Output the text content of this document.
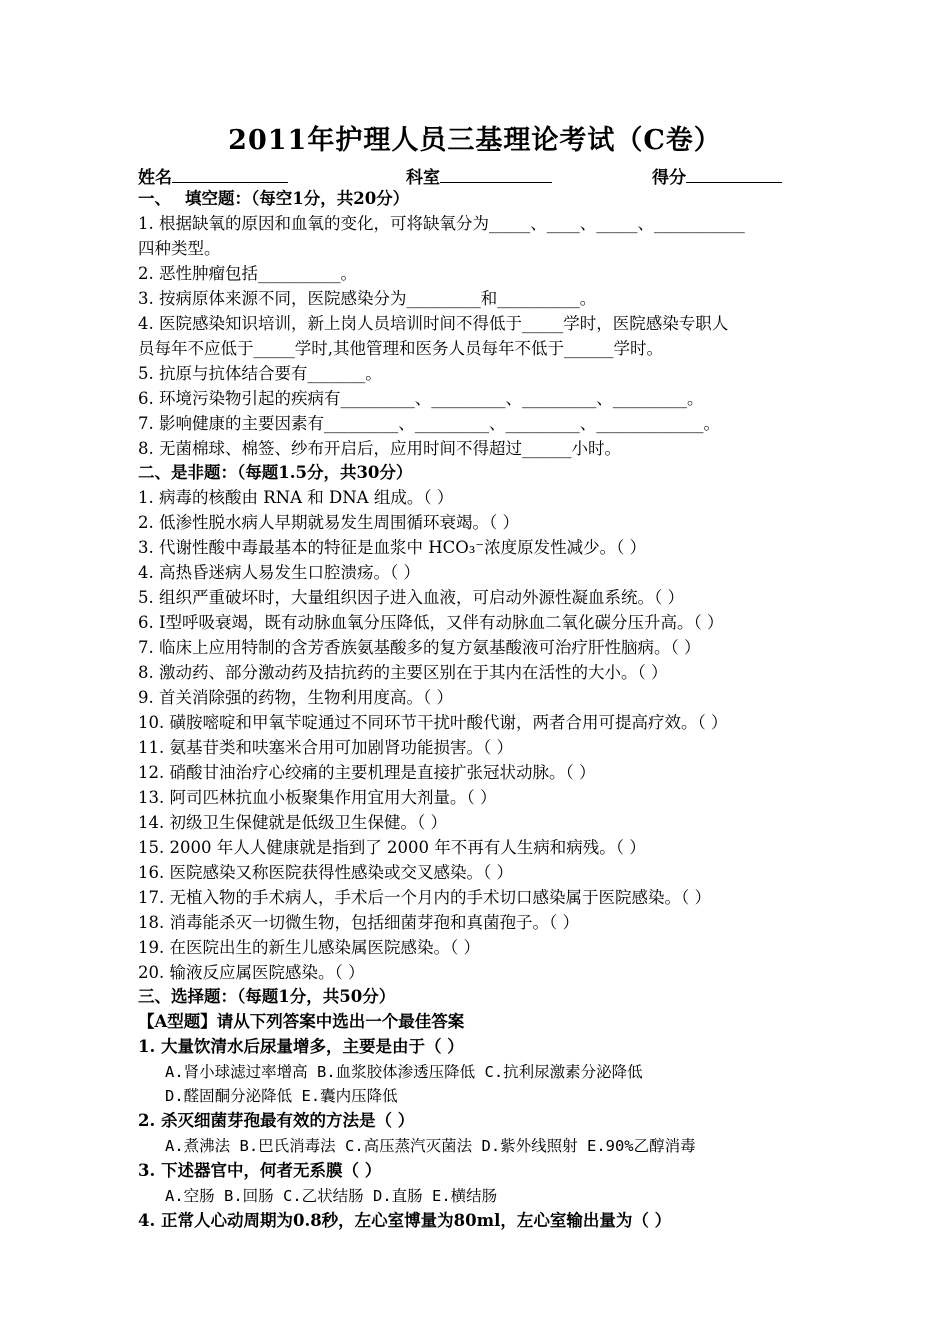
2011年护理人员三基理论考试（C卷）
姓名	科室	得分
一、　 填空题：（每空1分，共20分）
1. 根据缺氧的原因和血氧的变化，可将缺氧分为_____、____、_____、___________
四种类型。
2. 恶性肿瘤包括__________。
3. 按病原体来源不同，医院感染分为_________和__________。
4. 医院感染知识培训，新上岗人员培训时间不得低于_____学时，医院感染专职人
员每年不应低于_____学时,其他管理和医务人员每年不低于______学时。
5. 抗原与抗体结合要有_______。
6. 环境污染物引起的疾病有_________、_________、_________、_________。
7. 影响健康的主要因素有_________、_________、_________、_____________。
8. 无菌棉球、棉签、纱布开启后，应用时间不得超过______小时。
二、是非题：（每题1.5分，共30分）
1. 病毒的核酸由 RNA 和 DNA 组成。（ ）
2. 低渗性脱水病人早期就易发生周围循环衰竭。（ ）
3. 代谢性酸中毒最基本的特征是血浆中 HCO₃⁻浓度原发性减少。（ ）
4. 高热昏迷病人易发生口腔溃疡。（ ）
5. 组织严重破坏时，大量组织因子进入血液，可启动外源性凝血系统。（ ）
6. I型呼吸衰竭，既有动脉血氧分压降低，又伴有动脉血二氧化碳分压升高。（ ）
7. 临床上应用特制的含芳香族氨基酸多的复方氨基酸液可治疗肝性脑病。（ ）
8. 激动药、部分激动药及拮抗药的主要区别在于其内在活性的大小。（ ）
9. 首关消除强的药物，生物利用度高。（ ）
10. 磺胺嘧啶和甲氧苄啶通过不同环节干扰叶酸代谢，两者合用可提高疗效。（ ）
11. 氨基苷类和呋塞米合用可加剧肾功能损害。（ ）
12. 硝酸甘油治疗心绞痛的主要机理是直接扩张冠状动脉。（ ）
13. 阿司匹林抗血小板聚集作用宜用大剂量。（ ）
14. 初级卫生保健就是低级卫生保健。（ ）
15. 2000 年人人健康就是指到了 2000 年不再有人生病和病残。（ ）
16. 医院感染又称医院获得性感染或交叉感染。（ ）
17. 无植入物的手术病人，手术后一个月内的手术切口感染属于医院感染。（ ）
18. 消毒能杀灭一切微生物，包括细菌芽孢和真菌孢子。（ ）
19. 在医院出生的新生儿感染属医院感染。（ ）
20. 输液反应属医院感染。（ ）
三、选择题：（每题1分，共50分）
【A型题】请从下列答案中选出一个最佳答案
1. 大量饮清水后尿量增多，主要是由于（ ）
A.肾小球滤过率增高 B.血浆胶体渗透压降低 C.抗利尿激素分泌降低
D.醛固酮分泌降低 E.囊内压降低
2. 杀灭细菌芽孢最有效的方法是（ ）
A.煮沸法 B.巴氏消毒法 C.高压蒸汽灭菌法 D.紫外线照射 E.90%乙醇消毒
3. 下述器官中，何者无系膜（ ）
A.空肠 B.回肠 C.乙状结肠 D.直肠 E.横结肠
4. 正常人心动周期为0.8秒，左心室博量为80ml，左心室输出量为（ ）
